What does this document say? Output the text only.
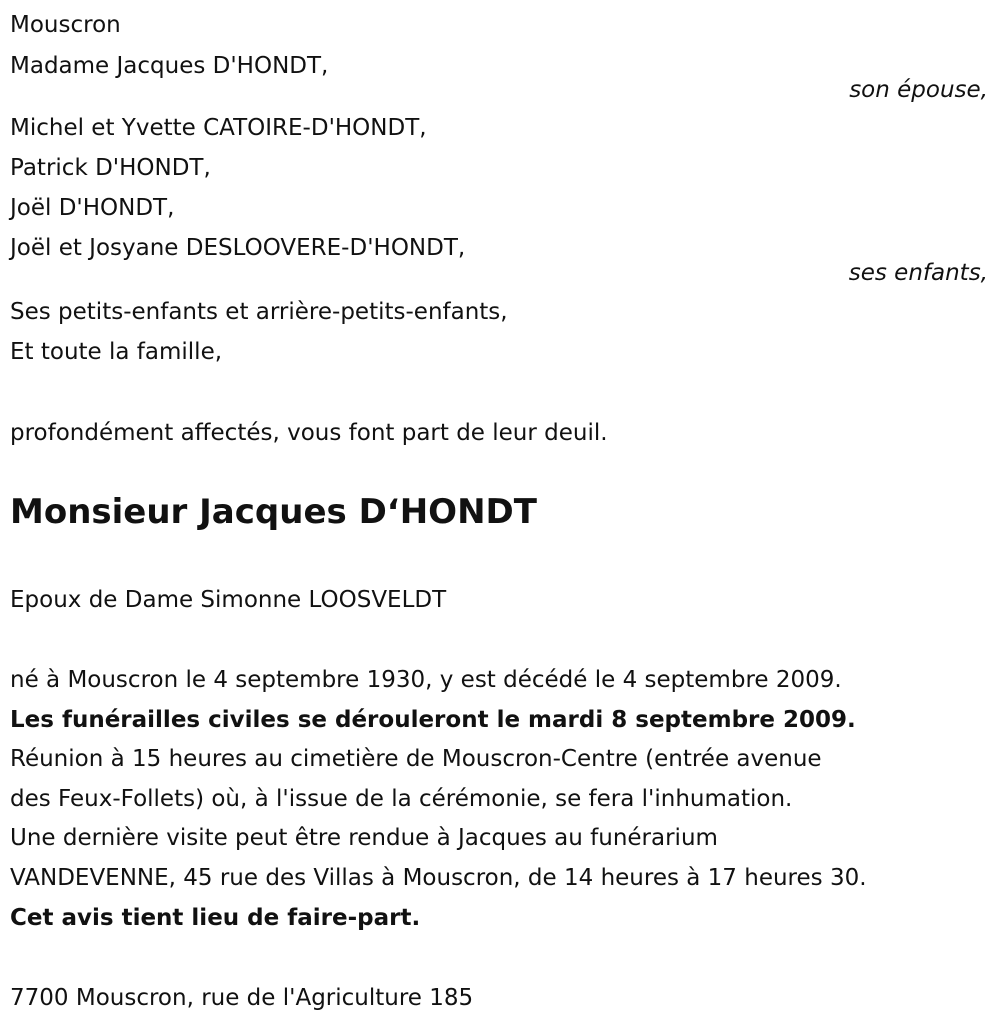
Mouscron
Madame Jacques D'HONDT,
son épouse,
Michel et Yvette CATOIRE-D'HONDT,
Patrick D'HONDT,
Joël D'HONDT,
Joël et Josyane DESLOOVERE-D'HONDT,
ses enfants,
Ses petits-enfants et arrière-petits-enfants,
Et toute la famille,
profondément affectés, vous font part de leur deuil.
Monsieur Jacques D‘HONDT
Epoux de Dame Simonne LOOSVELDT
né à Mouscron le 4 septembre 1930, y est décédé le 4 septembre 2009.
Les funérailles civiles se dérouleront le mardi 8 septembre 2009.
Réunion à 15 heures au cimetière de Mouscron-Centre (entrée avenue
des Feux-Follets) où, à l'issue de la cérémonie, se fera l'inhumation.
Une dernière visite peut être rendue à Jacques au funérarium
VANDEVENNE, 45 rue des Villas à Mouscron, de 14 heures à 17 heures 30.
Cet avis tient lieu de faire-part.
7700 Mouscron, rue de l'Agriculture 185
